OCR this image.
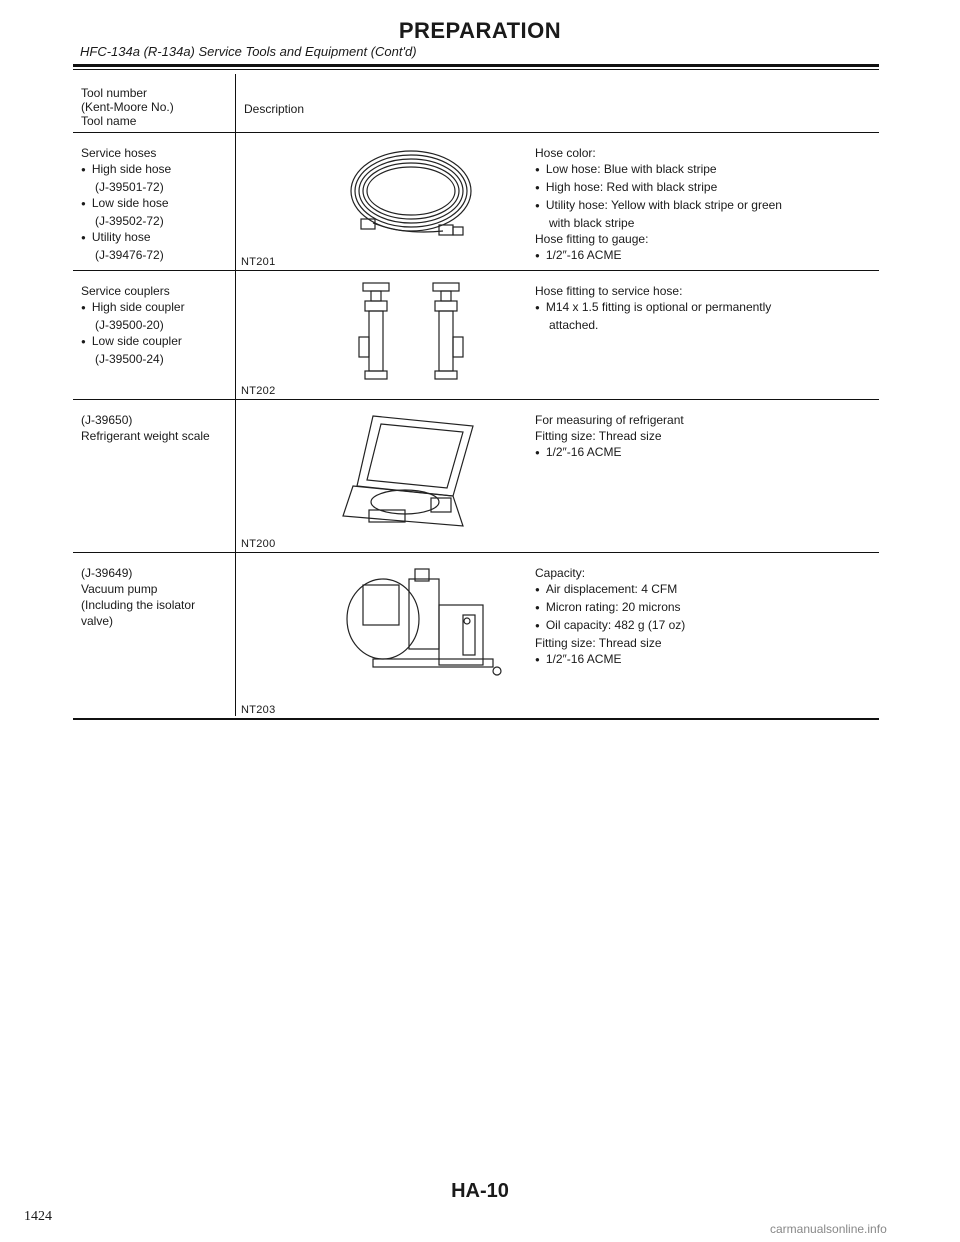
PREPARATION
HFC-134a (R-134a) Service Tools and Equipment (Cont'd)
Tool number
(Kent-Moore No.)
Tool name
Description
Service hoses
● High side hose
(J-39501-72)
● Low side hose
(J-39502-72)
● Utility hose
(J-39476-72)	NT201
Hose color:
● Low hose: Blue with black stripe
● High hose: Red with black stripe
● Utility hose: Yellow with black stripe or green
with black stripe
Hose fitting to gauge:
● 1/2″-16 ACME
Service couplers
● High side coupler
(J-39500-20)
● Low side coupler
(J-39500-24)
NT202
Hose fitting to service hose:
● M14 x 1.5 fitting is optional or permanently
attached.
(J-39650)
Refrigerant weight scale
NT200
For measuring of refrigerant
Fitting size: Thread size
● 1/2″-16 ACME
(J-39649)
Vacuum pump
(Including the isolator
valve)
NT203
Capacity:
● Air displacement: 4 CFM
● Micron rating: 20 microns
● Oil capacity: 482 g (17 oz)
Fitting size: Thread size
● 1/2″-16 ACME
HA-10
1424
carmanualsonline.info
